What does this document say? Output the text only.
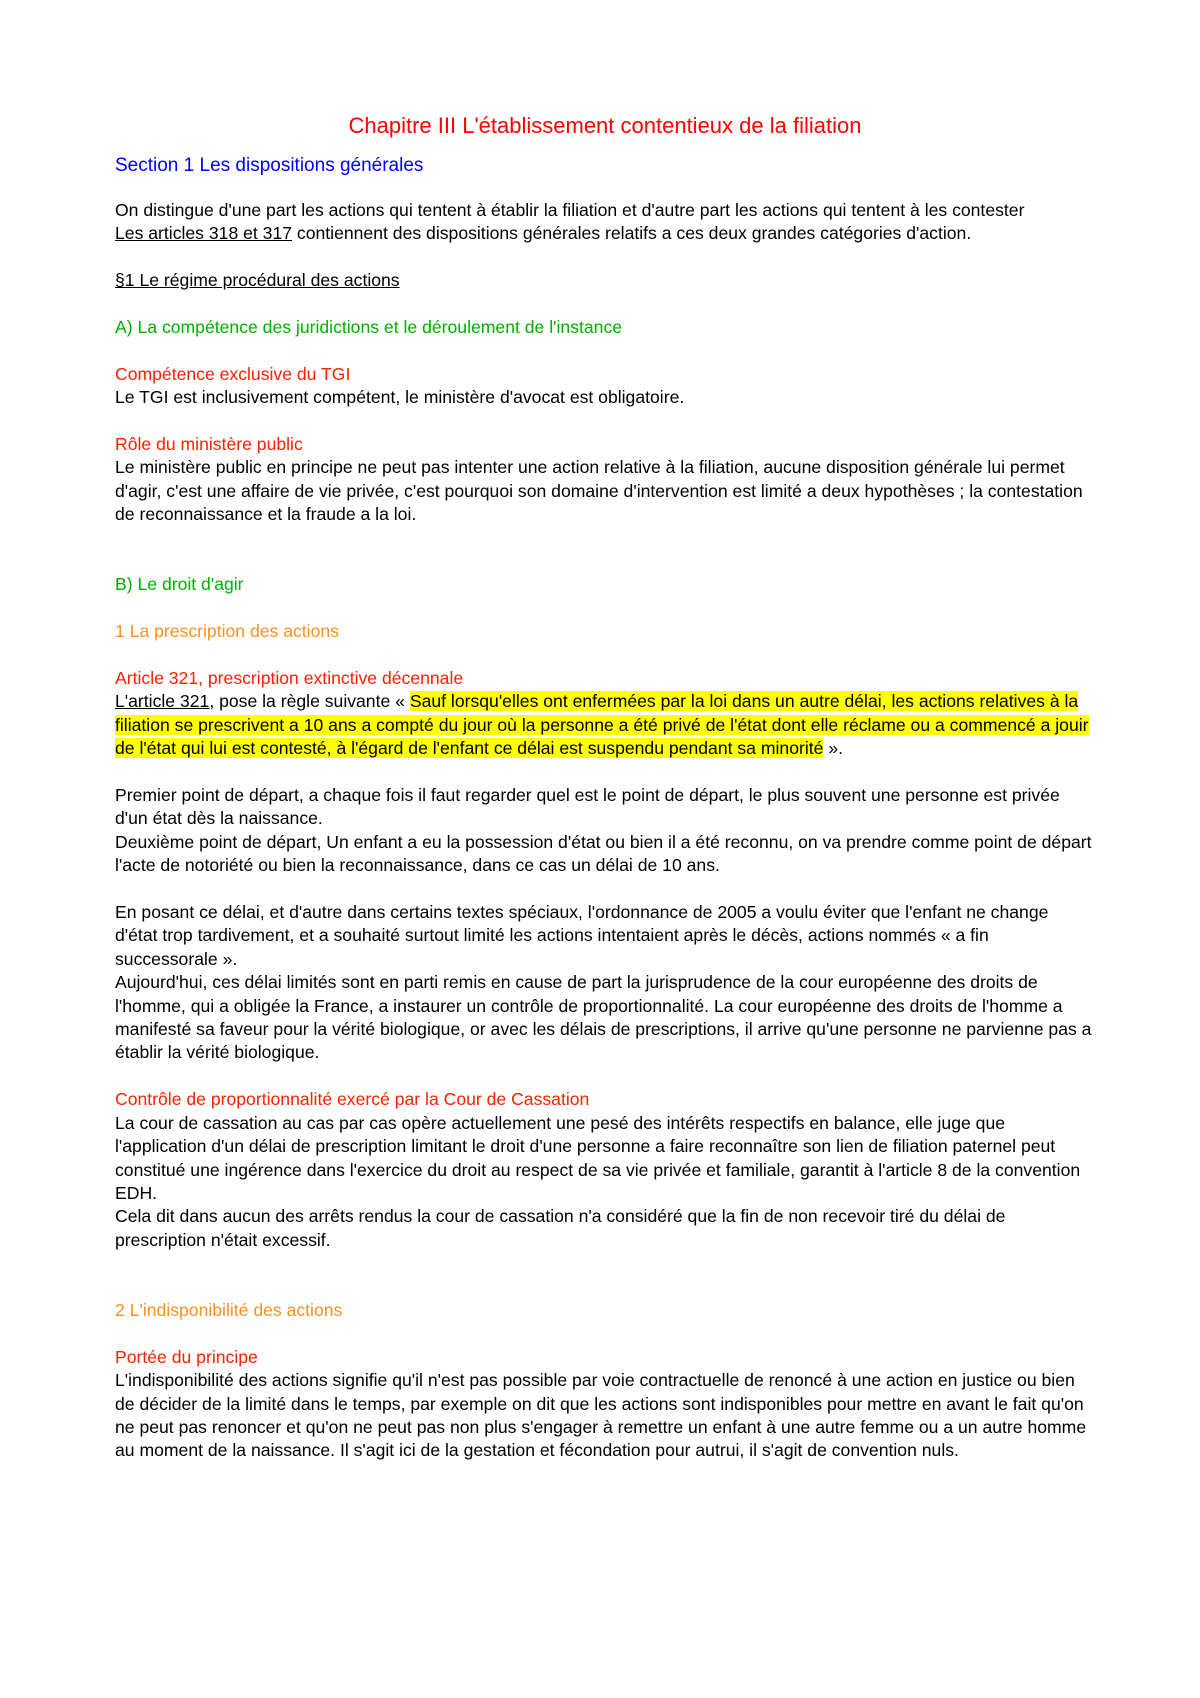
Chapitre III L'établissement contentieux de la filiation

Section 1 Les dispositions générales

On distingue d'une part les actions qui tentent à établir la filiation et d'autre part les actions qui tentent à les contester
Les articles 318 et 317 contiennent des dispositions générales relatifs a ces deux grandes catégories d'action.

§1 Le régime procédural des actions

A) La compétence des juridictions et le déroulement de l'instance

Compétence exclusive du TGI

Le TGI est inclusivement compétent, le ministère d'avocat est obligatoire.

Rôle du ministère public

Le ministère public en principe ne peut pas intenter une action relative à la filiation, aucune disposition générale lui permet d'agir, c'est une affaire de vie privée, c'est pourquoi son domaine d'intervention est limité a deux hypothèses ; la contestation de reconnaissance et la fraude a la loi.

B) Le droit d'agir

1 La prescription des actions

Article 321, prescription extinctive décennale

L'article 321, pose la règle suivante « Sauf lorsqu'elles ont enfermées par la loi dans un autre délai, les actions relatives à la filiation se prescrivent a 10 ans a compté du jour où la personne a été privé de l'état dont elle réclame ou a commencé a jouir de l'état qui lui est contesté, à l'égard de l'enfant ce délai est suspendu pendant sa minorité ».

Premier point de départ, a chaque fois il faut regarder quel est le point de départ, le plus souvent une personne est privée d'un état dès la naissance.

Deuxième point de départ, Un enfant a eu la possession d'état ou bien il a été reconnu, on va prendre comme point de départ l'acte de notoriété ou bien la reconnaissance, dans ce cas un délai de 10 ans.

En posant ce délai, et d'autre dans certains textes spéciaux, l'ordonnance de 2005 a voulu éviter que l'enfant ne change d'état trop tardivement, et a souhaité surtout limité les actions intentaient après le décès, actions nommés « a fin successorale ».

Aujourd'hui, ces délai limités sont en parti remis en cause de part la jurisprudence de la cour européenne des droits de l'homme, qui a obligée la France, a instaurer un contrôle de proportionnalité. La cour européenne des droits de l'homme a manifesté sa faveur pour la vérité biologique, or avec les délais de prescriptions, il arrive qu'une personne ne parvienne pas a établir la vérité biologique.

Contrôle de proportionnalité exercé par la Cour de Cassation

La cour de cassation au cas par cas opère actuellement une pesé des intérêts respectifs en balance, elle juge que l'application d'un délai de prescription limitant le droit d'une personne a faire reconnaître son lien de filiation paternel peut constitué une ingérence dans l'exercice du droit au respect de sa vie privée et familiale, garantit à l'article 8 de la convention EDH.

Cela dit dans aucun des arrêts rendus la cour de cassation n'a considéré que la fin de non recevoir tiré du délai de prescription n'était excessif.

2 L'indisponibilité des actions

Portée du principe

L'indisponibilité des actions signifie qu'il n'est pas possible par voie contractuelle de renoncé à une action en justice ou bien de décider de la limité dans le temps, par exemple on dit que les actions sont indisponibles pour mettre en avant le fait qu'on ne peut pas renoncer et qu'on ne peut pas non plus s'engager à remettre un enfant à une autre femme ou a un autre homme au moment de la naissance. Il s'agit ici de la gestation et fécondation pour autrui, il s'agit de convention nuls.
